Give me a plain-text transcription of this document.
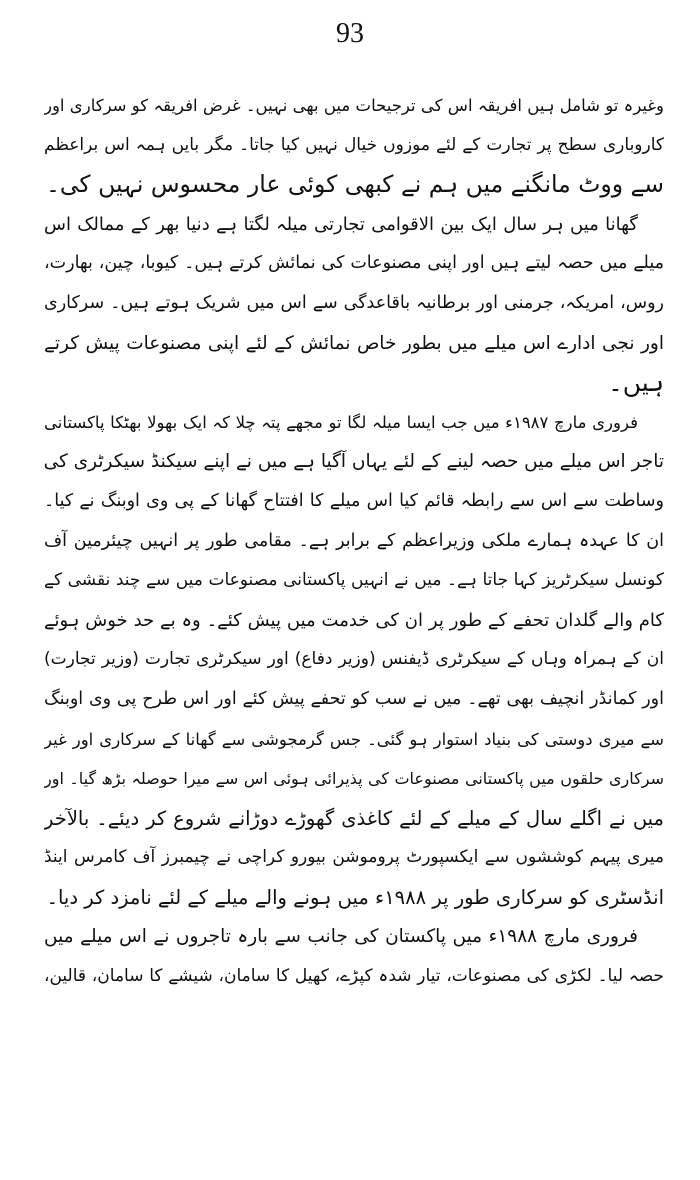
93
وغیرہ تو شامل ہیں افریقہ اس کی ترجیحات میں بھی نہیں۔ غرض افریقہ کو سرکاری اور
کاروباری سطح پر تجارت کے لئے موزوں خیال نہیں کیا جاتا۔ مگر بایں ہمہ اس براعظم
سے ووٹ مانگنے میں ہم نے کبھی کوئی عار محسوس نہیں کی۔
گھانا میں ہر سال ایک بین الاقوامی تجارتی میلہ لگتا ہے دنیا بھر کے ممالک اس
میلے میں حصہ لیتے ہیں اور اپنی مصنوعات کی نمائش کرتے ہیں۔ کیوبا، چین، بھارت،
روس، امریکہ، جرمنی اور برطانیہ باقاعدگی سے اس میں شریک ہوتے ہیں۔ سرکاری
اور نجی ادارے اس میلے میں بطور خاص نمائش کے لئے اپنی مصنوعات پیش کرتے
ہیں۔
فروری مارچ ۱۹۸۷ء میں جب ایسا میلہ لگا تو مجھے پتہ چلا کہ ایک بھولا بھٹکا پاکستانی
تاجر اس میلے میں حصہ لینے کے لئے یہاں آگیا ہے میں نے اپنے سیکنڈ سیکرٹری کی
وساطت سے اس سے رابطہ قائم کیا اس میلے کا افتتاح گھانا کے پی وی اوبنگ نے کیا۔
ان کا عہدہ ہمارے ملکی وزیراعظم کے برابر ہے۔ مقامی طور پر انہیں چیئرمین آف
کونسل سیکرٹریز کہا جاتا ہے۔ میں نے انہیں پاکستانی مصنوعات میں سے چند نقشی کے
کام والے گلدان تحفے کے طور پر ان کی خدمت میں پیش کئے۔ وہ بے حد خوش ہوئے
ان کے ہمراہ وہاں کے سیکرٹری ڈیفنس (وزیر دفاع) اور سیکرٹری تجارت (وزیر تجارت)
اور کمانڈر انچیف بھی تھے۔ میں نے سب کو تحفے پیش کئے اور اس طرح پی وی اوبنگ
سے میری دوستی کی بنیاد استوار ہو گئی۔ جس گرمجوشی سے گھانا کے سرکاری اور غیر
سرکاری حلقوں میں پاکستانی مصنوعات کی پذیرائی ہوئی اس سے میرا حوصلہ بڑھ گیا۔ اور
میں نے اگلے سال کے میلے کے لئے کاغذی گھوڑے دوڑانے شروع کر دیئے۔ بالآخر
میری پیہم کوششوں سے ایکسپورٹ پروموشن بیورو کراچی نے چیمبرز آف کامرس اینڈ
انڈسٹری کو سرکاری طور پر ۱۹۸۸ء میں ہونے والے میلے کے لئے نامزد کر دیا۔
فروری مارچ ۱۹۸۸ء میں پاکستان کی جانب سے بارہ تاجروں نے اس میلے میں
حصہ لیا۔ لکڑی کی مصنوعات، تیار شدہ کپڑے، کھیل کا سامان، شیشے کا سامان، قالین،
